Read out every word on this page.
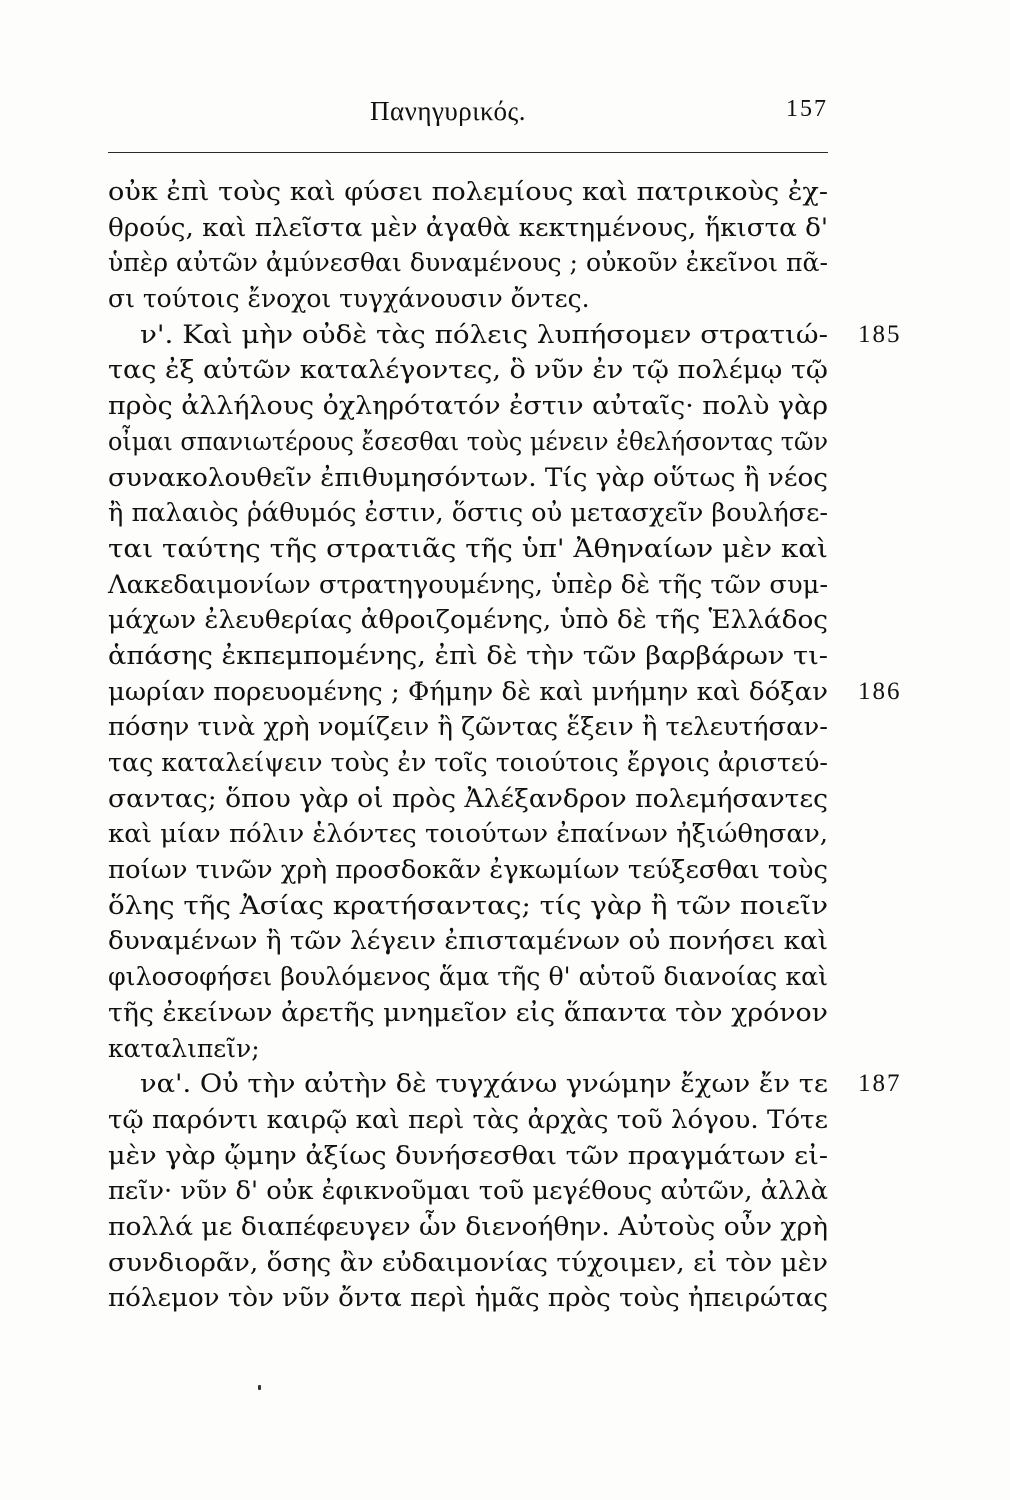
Πανηγυρικός.	157
οὐκ ἐπὶ τοὺς καὶ φύσει πολεμίους καὶ πατρικοὺς ἐχ-
θρούς, καὶ πλεῖστα μὲν ἀγαθὰ κεκτημένους, ἥκιστα δ'
ὑπὲρ αὐτῶν ἀμύνεσθαι δυναμένους ; οὐκοῦν ἐκεῖνοι πᾶ-
σι τούτοις ἔνοχοι τυγχάνουσιν ὄντες.
ν'. Καὶ μὴν οὐδὲ τὰς πόλεις λυπήσομεν στρατιώ- 185
τας ἐξ αὐτῶν καταλέγοντες, ὃ νῦν ἐν τῷ πολέμῳ τῷ
πρὸς ἀλλήλους ὀχληρότατόν ἐστιν αὐταῖς· πολὺ γὰρ
οἶμαι σπανιωτέρους ἔσεσθαι τοὺς μένειν ἐθελήσοντας τῶν
συνακολουθεῖν ἐπιθυμησόντων. Τίς γὰρ οὕτως ἢ νέος
ἢ παλαιὸς ῥάθυμός ἐστιν, ὅστις οὐ μετασχεῖν βουλήσε-
ται ταύτης τῆς στρατιᾶς τῆς ὑπ' Ἀθηναίων μὲν καὶ
Λακεδαιμονίων στρατηγουμένης, ὑπὲρ δὲ τῆς τῶν συμ-
μάχων ἐλευθερίας ἀθροιζομένης, ὑπὸ δὲ τῆς Ἑλλάδος
ἁπάσης ἐκπεμπομένης, ἐπὶ δὲ τὴν τῶν βαρβάρων τι-
μωρίαν πορευομένης ; Φήμην δὲ καὶ μνήμην καὶ δόξαν 186
πόσην τινὰ χρὴ νομίζειν ἢ ζῶντας ἕξειν ἢ τελευτήσαν-
τας καταλείψειν τοὺς ἐν τοῖς τοιούτοις ἔργοις ἀριστεύ-
σαντας; ὅπου γὰρ οἱ πρὸς Ἀλέξανδρον πολεμήσαντες
καὶ μίαν πόλιν ἑλόντες τοιούτων ἐπαίνων ἠξιώθησαν,
ποίων τινῶν χρὴ προσδοκᾶν ἐγκωμίων τεύξεσθαι τοὺς
ὅλης τῆς Ἀσίας κρατήσαντας; τίς γὰρ ἢ τῶν ποιεῖν
δυναμένων ἢ τῶν λέγειν ἐπισταμένων οὐ πονήσει καὶ
φιλοσοφήσει βουλόμενος ἅμα τῆς θ' αὑτοῦ διανοίας καὶ
τῆς ἐκείνων ἀρετῆς μνημεῖον εἰς ἅπαντα τὸν χρόνον
καταλιπεῖν;
να'. Οὐ τὴν αὐτὴν δὲ τυγχάνω γνώμην ἔχων ἔν τε 187
τῷ παρόντι καιρῷ καὶ περὶ τὰς ἀρχὰς τοῦ λόγου. Τότε
μὲν γὰρ ᾤμην ἀξίως δυνήσεσθαι τῶν πραγμάτων εἰ-
πεῖν· νῦν δ' οὐκ ἐφικνοῦμαι τοῦ μεγέθους αὐτῶν, ἀλλὰ
πολλά με διαπέφευγεν ὧν διενοήθην. Αὐτοὺς οὖν χρὴ
συνδιορᾶν, ὅσης ἂν εὐδαιμονίας τύχοιμεν, εἰ τὸν μὲν
πόλεμον τὸν νῦν ὄντα περὶ ἡμᾶς πρὸς τοὺς ἠπειρώτας
